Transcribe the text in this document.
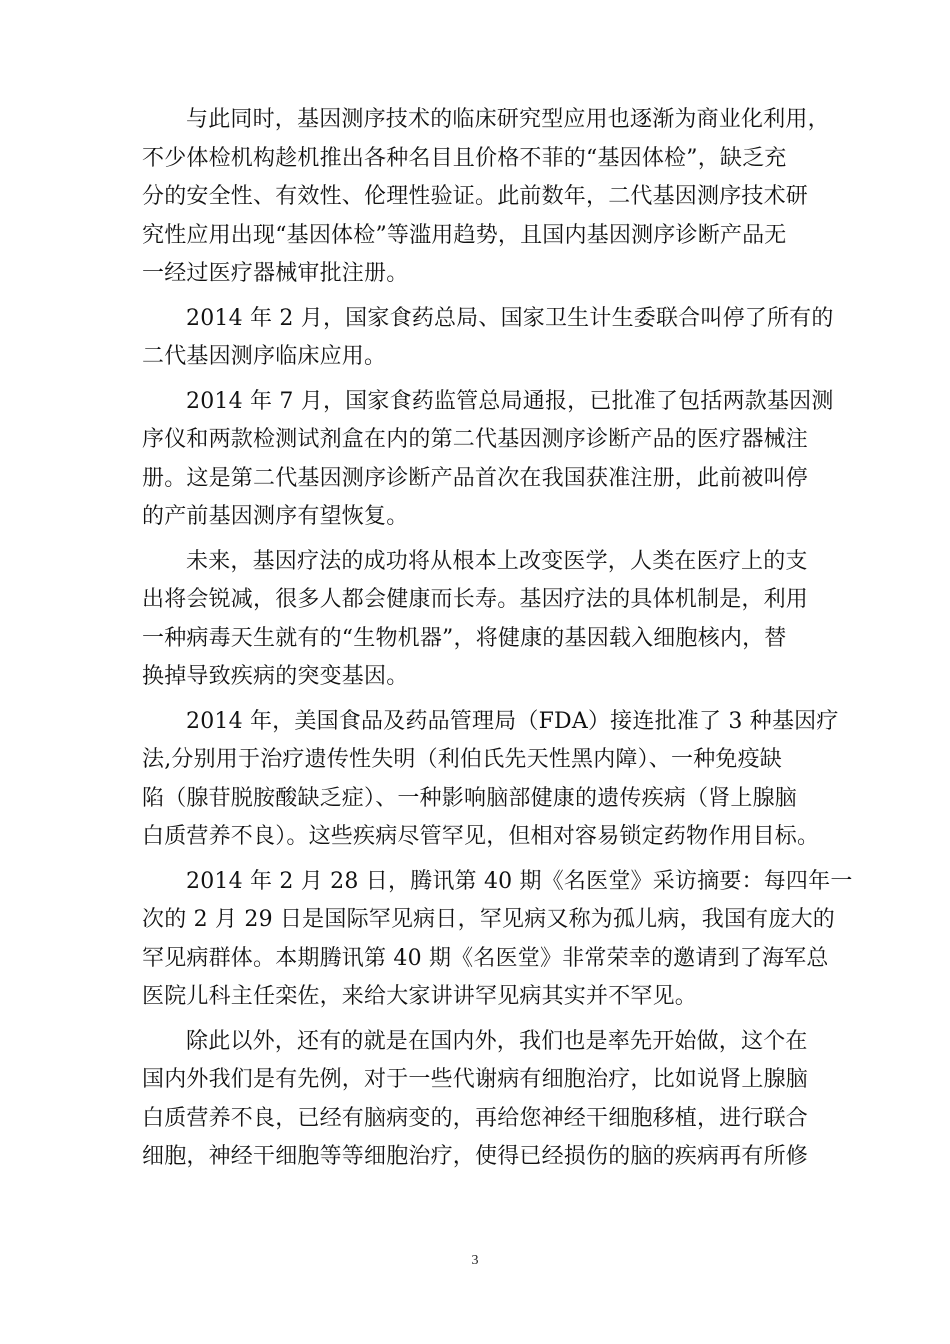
与此同时，基因测序技术的临床研究型应用也逐渐为商业化利用，
不少体检机构趁机推出各种名目且价格不菲的“基因体检”，缺乏充
分的安全性、有效性、伦理性验证。此前数年，二代基因测序技术研
究性应用出现“基因体检”等滥用趋势，且国内基因测序诊断产品无
一经过医疗器械审批注册。

2014 年 2 月，国家食药总局、国家卫生计生委联合叫停了所有的
二代基因测序临床应用。

2014 年 7 月，国家食药监管总局通报，已批准了包括两款基因测
序仪和两款检测试剂盒在内的第二代基因测序诊断产品的医疗器械注
册。这是第二代基因测序诊断产品首次在我国获准注册，此前被叫停
的产前基因测序有望恢复。

未来，基因疗法的成功将从根本上改变医学，人类在医疗上的支
出将会锐减，很多人都会健康而长寿。基因疗法的具体机制是，利用
一种病毒天生就有的“生物机器”，将健康的基因载入细胞核内，替
换掉导致疾病的突变基因。

2014 年，美国食品及药品管理局（FDA）接连批准了 3 种基因疗
法,分别用于治疗遗传性失明（利伯氏先天性黑内障）、一种免疫缺
陷（腺苷脱胺酸缺乏症）、一种影响脑部健康的遗传疾病（肾上腺脑
白质营养不良）。这些疾病尽管罕见，但相对容易锁定药物作用目标。

2014 年 2 月 28 日，腾讯第 40 期《名医堂》采访摘要：每四年一
次的 2 月 29 日是国际罕见病日，罕见病又称为孤儿病，我国有庞大的
罕见病群体。本期腾讯第 40 期《名医堂》非常荣幸的邀请到了海军总
医院儿科主任栾佐，来给大家讲讲罕见病其实并不罕见。

除此以外，还有的就是在国内外，我们也是率先开始做，这个在
国内外我们是有先例，对于一些代谢病有细胞治疗，比如说肾上腺脑
白质营养不良，已经有脑病变的，再给您神经干细胞移植，进行联合
细胞，神经干细胞等等细胞治疗，使得已经损伤的脑的疾病再有所修

3
